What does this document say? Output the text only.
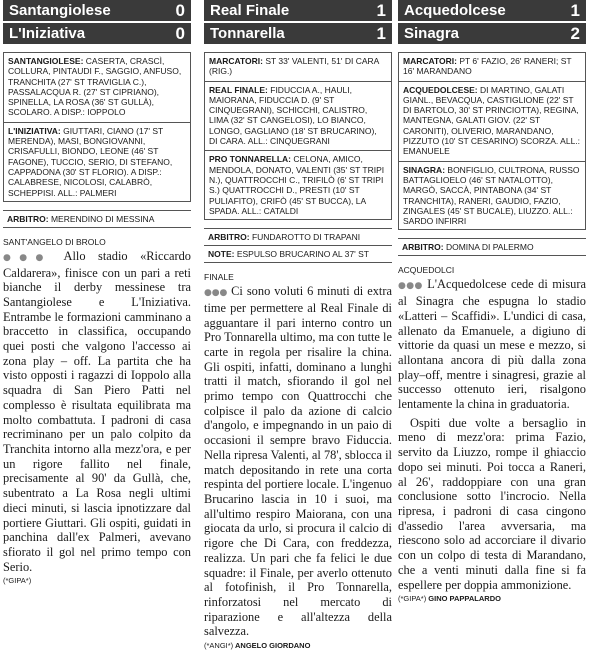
Santangiolese	0
L'Iniziativa	0

SANTANGIOLESE: CASERTA, CRASCÌ, COLLURA, PINTAUDI F., SAGGIO, ANFUSO, TRANCHITA (27' ST TRAVIGLIA C.), PASSALACQUA R. (27' ST CIPRIANO), SPINELLA, LA ROSA (36' ST GULLÀ), SCOLARO. A DISP.: IOPPOLO

L'INIZIATIVA: GIUTTARI, CIANO (17' ST MERENDA), MASI, BONGIOVANNI, CRISAFULLI, BIONDO, LEONE (46' ST FAGONE), TUCCIO, SERIO, DI STEFANO, CAPPADONA (30' ST FLORIO). A DISP.: CALABRESE, NICOLOSI, CALABRÒ, SCHEPPISI. ALL.: PALMERI

ARBITRO: MERENDINO DI MESSINA
SANT'ANGELO DI BROLO

●●● Allo stadio «Riccardo Caldarera», finisce con un pari a reti bianche il derby messinese tra Santangiolese e L'Iniziativa. Entrambe le formazioni camminano a braccetto in classifica, occupando quei posti che valgono l'accesso ai zona play – off. La partita che ha visto opposti i ragazzi di Ioppolo alla squadra di San Piero Patti nel complesso è risultata equilibrata ma molto combattuta. I padroni di casa recriminano per un palo colpito da Tranchita intorno alla mezz'ora, e per un rigore fallito nel finale, precisamente al 90' da Gullà, che, subentrato a La Rosa negli ultimi dieci minuti, si lascia ipnotizzare dal portiere Giuttari. Gli ospiti, guidati in panchina dall'ex Palmeri, avevano sfiorato il gol nel primo tempo con Serio.

(*GIPA*)
Real Finale	1
Tonnarella	1

MARCATORI: ST 33' VALENTI, 51' DI CARA (RIG.)

REAL FINALE: FIDUCCIA A., HAULI, MAIORANA, FIDUCCIA D. (9' ST CINQUEGRANI), SCHICCHI, CALISTRO, LIMA (32' ST CANGELOSI), LO BIANCO, LONGO, GAGLIANO (18' ST BRUCARINO), DI CARA. ALL.: CINQUEGRANI

PRO TONNARELLA: CELONA, AMICO, MENDOLA, DONATO, VALENTI (35' ST TRIPI N.), QUATTROCCHI C., TRIFILÒ (6' ST TRIPI S.) QUATTROCCHI D., PRESTI (10' ST PULIAFITO), CRIFÒ (45' ST BUCCA), LA SPADA. ALL.: CATALDI

ARBITRO: FUNDAROTTO DI TRAPANI
NOTE: ESPULSO BRUCARINO AL 37' ST
FINALE

●●● Ci sono voluti 6 minuti di extra time per permettere al Real Finale di agguantare il pari interno contro un Pro Tonnarella ultimo, ma con tutte le carte in regola per risalire la china. Gli ospiti, infatti, dominano a lunghi tratti il match, sfiorando il gol nel primo tempo con Quattrocchi che colpisce il palo da azione di calcio d'angolo, e impegnando in un paio di occasioni il sempre bravo Fiduccia. Nella ripresa Valenti, al 78', sblocca il match depositando in rete una corta respinta del portiere locale. L'ingenuo Brucarino lascia in 10 i suoi, ma all'ultimo respiro Maiorana, con una giocata da urlo, si procura il calcio di rigore che Di Cara, con freddezza, realizza. Un pari che fa felici le due squadre: il Finale, per averlo ottenuto al fotofinish, il Pro Tonnarella, rinforzatosi nel mercato di riparazione e all'altezza della salvezza.

(*ANGI*) ANGELO GIORDANO
Acquedolcese	1
Sinagra	2

MARCATORI: PT 6' FAZIO, 26' RANERI; ST 16' MARANDANO

ACQUEDOLCESE: DI MARTINO, GALATI GIANL., BEVACQUA, CASTIGLIONE (22' ST DI BARTOLO, 30' ST PRINCIOTTA), REGINA, MANTEGNA, GALATI GIOV. (22' ST CARONITI), OLIVERIO, MARANDANO, PIZZUTO (10' ST CESARINO) SCORZA. ALL.: EMANUELE

SINAGRA: BONFIGLIO, CULTRONA, RUSSO BATTAGLIOELO (46' ST NATALOTTO), MARGÒ, SACCÀ, PINTABONA (34' ST TRANCHITA), RANERI, GAUDIO, FAZIO, ZINGALES (45' ST BUCALE), LIUZZO. ALL.: SARDO INFIRRI

ARBITRO: DOMINA DI PALERMO
ACQUEDOLCI

●●● L'Acquedolcese cede di misura al Sinagra che espugna lo stadio «Latteri – Scaffidi». L'undici di casa, allenato da Emanuele, a digiuno di vittorie da quasi un mese e mezzo, si allontana ancora di più dalla zona play–off, mentre i sinagresi, grazie al successo ottenuto ieri, risalgono lentamente la china in graduatoria.

Ospiti due volte a bersaglio in meno di mezz'ora: prima Fazio, servito da Liuzzo, rompe il ghiaccio dopo sei minuti. Poi tocca a Raneri, al 26', raddoppiare con una gran conclusione sotto l'incrocio. Nella ripresa, i padroni di casa cingono d'assedio l'area avversaria, ma riescono solo ad accorciare il divario con un colpo di testa di Marandano, che a venti minuti dalla fine si fa espellere per doppia ammonizione.

(*GIPA*) GINO PAPPALARDO
